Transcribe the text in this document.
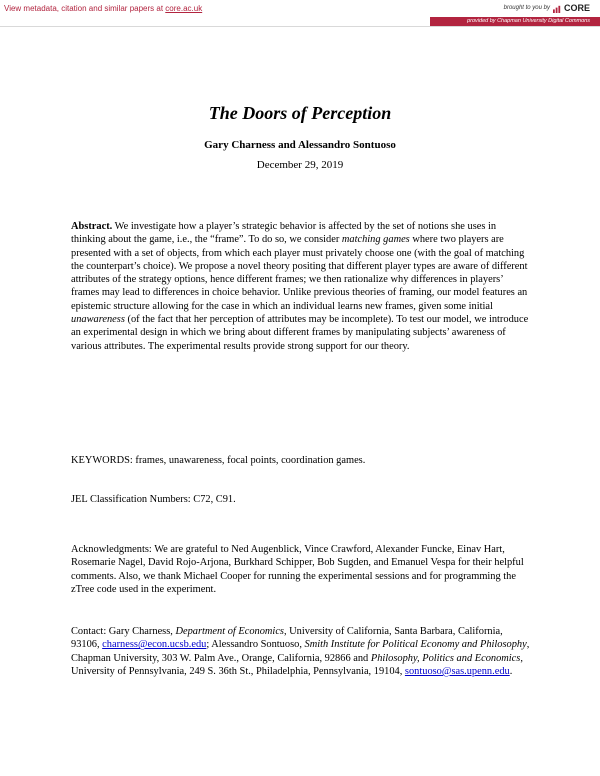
View metadata, citation and similar papers at core.ac.uk	brought to you by CORE
provided by Chapman University Digital Commons
The Doors of Perception
Gary Charness and Alessandro Sontuoso
December 29, 2019

Abstract. We investigate how a player’s strategic behavior is affected by the set of notions she uses in thinking about the game, i.e., the “frame”. To do so, we consider matching games where two players are presented with a set of objects, from which each player must privately choose one (with the goal of matching the counterpart’s choice). We propose a novel theory positing that different player types are aware of different attributes of the strategy options, hence different frames; we then rationalize why differences in players’ frames may lead to differences in choice behavior. Unlike previous theories of framing, our model features an epistemic structure allowing for the case in which an individual learns new frames, given some initial unawareness (of the fact that her perception of attributes may be incomplete). To test our model, we introduce an experimental design in which we bring about different frames by manipulating subjects’ awareness of various attributes. The experimental results provide strong support for our theory.

KEYWORDS: frames, unawareness, focal points, coordination games.

JEL Classification Numbers: C72, C91.

Acknowledgments: We are grateful to Ned Augenblick, Vince Crawford, Alexander Funcke, Einav Hart, Rosemarie Nagel, David Rojo-Arjona, Burkhard Schipper, Bob Sugden, and Emanuel Vespa for their helpful comments. Also, we thank Michael Cooper for running the experimental sessions and for programming the zTree code used in the experiment.

Contact: Gary Charness, Department of Economics, University of California, Santa Barbara, California, 93106, charness@econ.ucsb.edu; Alessandro Sontuoso, Smith Institute for Political Economy and Philosophy, Chapman University, 303 W. Palm Ave., Orange, California, 92866 and Philosophy, Politics and Economics, University of Pennsylvania, 249 S. 36th St., Philadelphia, Pennsylvania, 19104, sontuoso@sas.upenn.edu.
